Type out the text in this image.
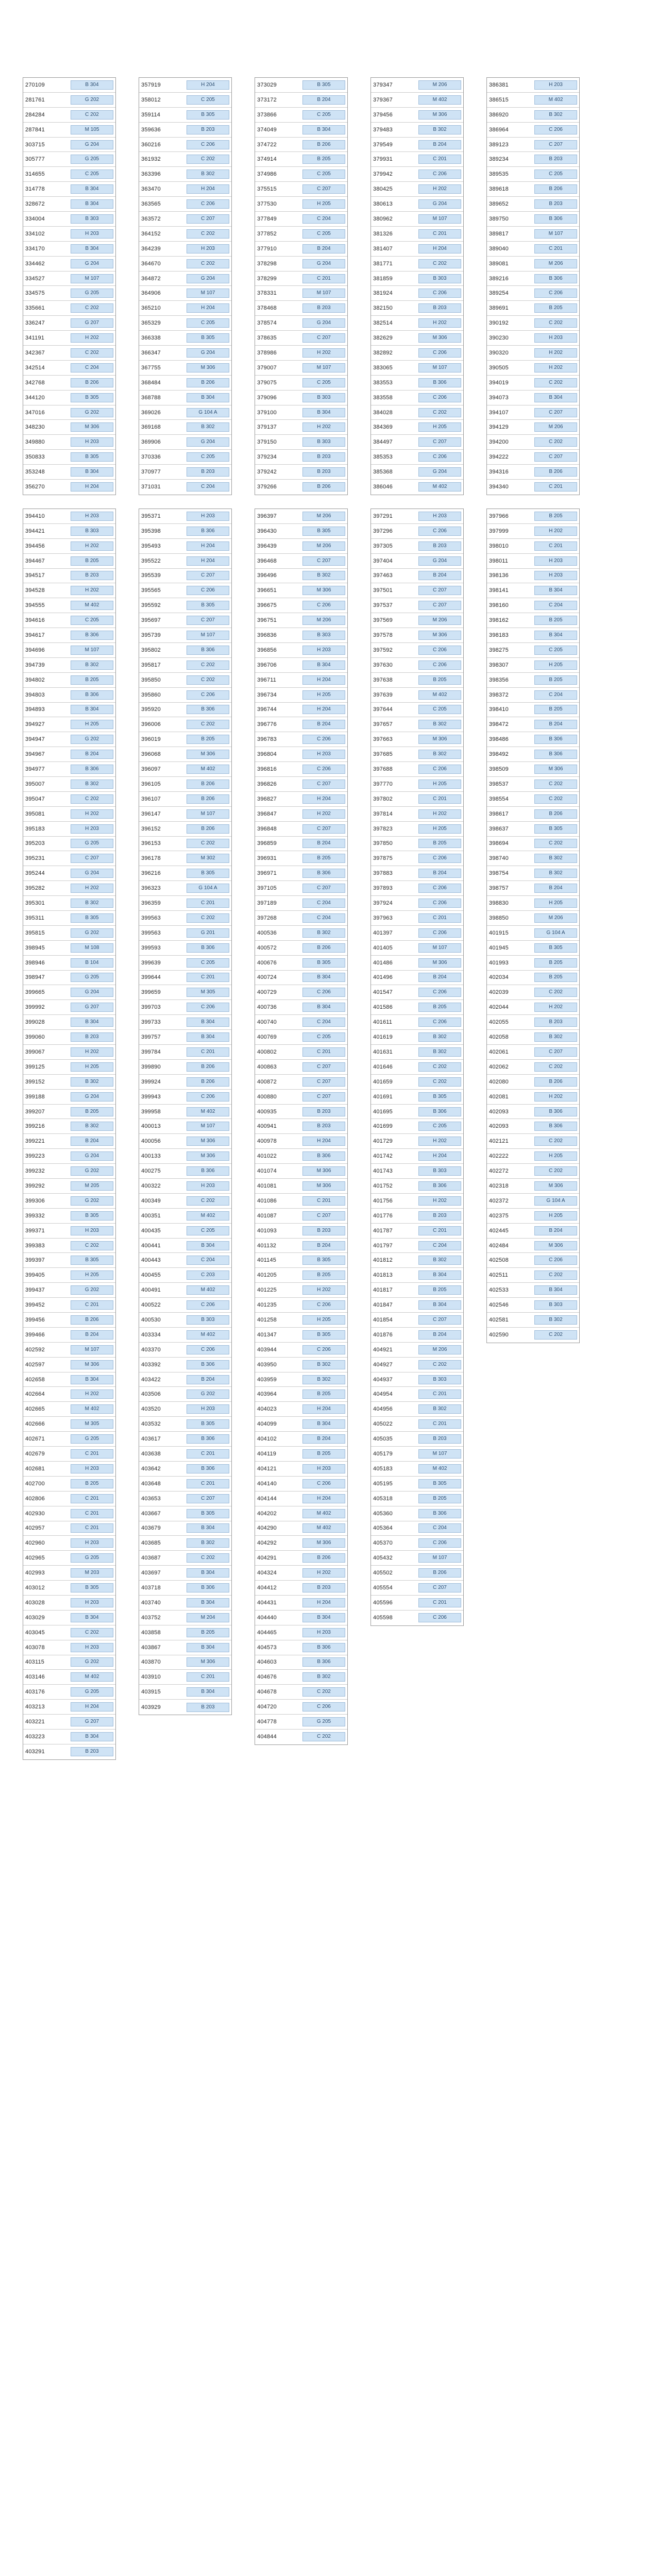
270109	B 304
281761	G 202
284284	C 202
287841	M 105
303715	G 204
305777	G 205
314655	C 205
314778	B 304
328672	B 304
334004	B 303
334102	H 203
334170	B 304
334462	G 204
334527	M 107
334575	G 205
335661	C 202
336247	G 207
341191	H 202
342367	C 202
342514	C 204
342768	B 206
344120	B 305
347016	G 202
348230	M 306
349880	H 203
350833	B 305
353248	B 304
356270	H 204
394410	H 203
394421	B 303
394456	H 202
394467	B 205
394517	B 203
394528	H 202
394555	M 402
394616	C 205
394617	B 306
394696	M 107
394739	B 302
394802	B 205
394803	B 306
394893	B 304
394927	H 205
394947	G 202
394967	B 204
394977	B 306
395007	B 302
395047	C 202
395081	H 202
395183	H 203
395203	G 205
395231	C 207
395244	G 204
395282	H 202
395301	B 302
395311	B 305
395815	G 202
398945	M 108
398946	B 104
398947	G 205
399665	G 204
399992	G 207
399028	B 304
399060	B 203
399067	H 202
399125	H 205
399152	B 302
399188	G 204
399207	B 205
399216	B 302
399221	B 204
399223	G 204
399232	G 202
399292	M 205
399306	G 202
399332	B 305
399371	H 203
399383	C 202
399397	B 305
399405	H 205
399437	G 202
399452	C 201
399456	B 206
399466	B 204
402592	M 107
402597	M 306
402658	B 304
402664	H 202
402665	M 402
402666	M 305
402671	G 205
402679	C 201
402681	H 203
402700	B 205
402806	C 201
402930	C 201
402957	C 201
402960	H 203
402965	G 205
402993	M 203
403012	B 305
403028	H 203
403029	B 304
403045	C 202
403078	H 203
403115	G 202
403146	M 402
403176	G 205
403213	H 204
403221	G 207
403223	B 304
403291	B 203
357919	H 204
358012	C 205
359114	B 305
359636	B 203
360216	C 206
361932	C 202
363396	B 302
363470	H 204
363565	C 206
363572	C 207
364152	C 202
364239	H 203
364670	C 202
364872	G 204
364906	M 107
365210	H 204
365329	C 205
366338	B 305
366347	G 204
367755	M 306
368484	B 206
368788	B 304
369026	G 104 A
369168	B 302
369906	G 204
370336	C 205
370977	B 203
371031	C 204
395371	H 203
395398	B 306
395493	H 204
395522	H 204
395539	C 207
395565	C 206
395592	B 305
395697	C 207
395739	M 107
395802	B 306
395817	C 202
395850	C 202
395860	C 206
395920	B 306
396006	C 202
396019	B 205
396068	M 306
396097	M 402
396105	B 206
396107	B 206
396147	M 107
396152	B 206
396153	C 202
396178	M 302
396216	B 305
396323	G 104 A
396359	C 201
399563	C 202
399563	G 201
399593	B 306
399639	C 205
399644	C 201
399659	M 305
399703	C 206
399733	B 304
399757	B 304
399784	C 201
399890	B 206
399924	B 206
399943	C 206
399958	M 402
400013	M 107
400056	M 306
400133	M 306
400275	B 306
400322	H 203
400349	C 202
400351	M 402
400435	C 205
400441	B 304
400443	C 204
400455	C 203
400491	M 402
400522	C 206
400530	B 303
403334	M 402
403370	C 206
403392	B 306
403422	B 204
403506	G 202
403520	H 203
403532	B 305
403617	B 306
403638	C 201
403642	B 306
403648	C 201
403653	C 207
403667	B 305
403679	B 304
403685	B 302
403687	C 202
403697	B 304
403718	B 306
403740	B 304
403752	M 204
403858	B 205
403867	B 304
403870	M 306
403910	C 201
403915	B 304
403929	B 203
373029	B 305
373172	B 204
373866	C 205
374049	B 304
374722	B 206
374914	B 205
374986	C 205
375515	C 207
377530	H 205
377849	C 204
377852	C 205
377910	B 204
378298	G 204
378299	C 201
378331	M 107
378468	B 203
378574	G 204
378635	C 207
378986	H 202
379007	M 107
379075	C 205
379096	B 303
379100	B 304
379137	H 202
379150	B 303
379234	B 203
379242	B 203
379266	B 206
396397	M 206
396430	B 305
396439	M 206
396468	C 207
396496	B 302
396651	M 306
396675	C 206
396751	M 206
396836	B 303
396856	H 203
396706	B 304
396711	H 204
396734	H 205
396744	H 204
396776	B 204
396783	C 206
396804	H 203
396816	C 206
396826	C 207
396827	H 204
396847	H 202
396848	C 207
396859	B 204
396931	B 205
396971	B 306
397105	C 207
397189	C 204
397268	C 204
400536	B 302
400572	B 206
400676	B 305
400724	B 304
400729	C 206
400736	B 304
400740	C 204
400769	C 205
400802	C 201
400863	C 207
400872	C 207
400880	C 207
400935	B 203
400941	B 203
400978	H 204
401022	B 306
401074	M 306
401081	M 306
401086	C 201
401087	C 207
401093	B 203
401132	B 204
401145	B 305
401205	B 205
401225	H 202
401235	C 206
401258	H 205
401347	B 305
403944	C 206
403950	B 302
403959	B 302
403964	B 205
404023	H 204
404099	B 304
404102	B 204
404119	B 205
404121	H 203
404140	C 206
404144	H 204
404202	M 402
404290	M 402
404292	M 306
404291	B 206
404324	H 202
404412	B 203
404431	H 204
404440	B 304
404465	H 203
404573	B 306
404603	B 306
404676	B 302
404678	C 202
404720	C 206
404778	G 205
404844	C 202
379347	M 206
379367	M 402
379456	M 306
379483	B 302
379549	B 204
379931	C 201
379942	C 206
380425	H 202
380613	G 204
380962	M 107
381326	C 201
381407	H 204
381771	C 202
381859	B 303
381924	C 206
382150	B 203
382514	H 202
382629	M 306
382892	C 206
383065	M 107
383553	B 306
383558	C 206
384028	C 202
384369	H 205
384497	C 207
385353	C 206
385368	G 204
386046	M 402
397291	H 203
397296	C 206
397305	B 203
397404	G 204
397463	B 204
397501	C 207
397537	C 207
397569	M 206
397578	M 306
397592	C 206
397630	C 206
397638	B 205
397639	M 402
397644	C 205
397657	B 302
397663	M 306
397685	B 302
397688	C 206
397770	H 205
397802	C 201
397814	H 202
397823	H 205
397850	B 205
397875	C 206
397883	B 204
397893	C 206
397924	C 206
397963	C 201
401397	C 206
401405	M 107
401486	M 306
401496	B 204
401547	C 206
401586	B 205
401611	C 206
401619	B 302
401631	B 302
401646	C 202
401659	C 202
401691	B 305
401695	B 306
401699	C 205
401729	H 202
401742	H 204
401743	B 303
401752	B 306
401756	H 202
401776	B 203
401787	C 201
401797	C 204
401812	B 302
401813	B 304
401817	B 205
401847	B 304
401854	C 207
401876	B 204
404921	M 206
404927	C 202
404937	B 303
404954	C 201
404956	B 302
405022	C 201
405035	B 203
405179	M 107
405183	M 402
405195	B 305
405318	B 205
405360	B 306
405364	C 204
405370	C 206
405432	M 107
405502	B 206
405554	C 207
405596	C 201
405598	C 206
386381	H 203
386515	M 402
386920	B 302
386964	C 206
389123	C 207
389234	B 203
389535	C 205
389618	B 206
389652	B 203
389750	B 306
389817	M 107
389040	C 201
389081	M 206
389216	B 306
389254	C 206
389691	B 205
390192	C 202
390230	H 203
390320	H 202
390505	H 202
394019	C 202
394073	B 304
394107	C 207
394129	M 206
394200	C 202
394222	C 207
394316	B 206
394340	C 201
397966	B 205
397999	H 202
398010	C 201
398011	H 203
398136	H 203
398141	B 304
398160	C 204
398162	B 205
398183	B 304
398275	C 205
398307	H 205
398356	B 205
398372	C 204
398410	B 205
398472	B 204
398486	B 306
398492	B 306
398509	M 306
398537	C 202
398554	C 202
398617	B 206
398637	B 305
398694	C 202
398740	B 302
398754	B 302
398757	B 204
398830	H 205
398850	M 206
401915	G 104 A
401945	B 305
401993	B 205
402034	B 205
402039	C 202
402044	H 202
402055	B 203
402058	B 302
402061	C 207
402062	C 202
402080	B 206
402081	H 202
402093	B 306
402093	B 306
402121	C 202
402222	H 205
402272	C 202
402318	M 306
402372	G 104 A
402375	H 205
402445	B 204
402484	M 306
402508	C 206
402511	C 202
402533	B 304
402546	B 303
402581	B 302
402590	C 202
